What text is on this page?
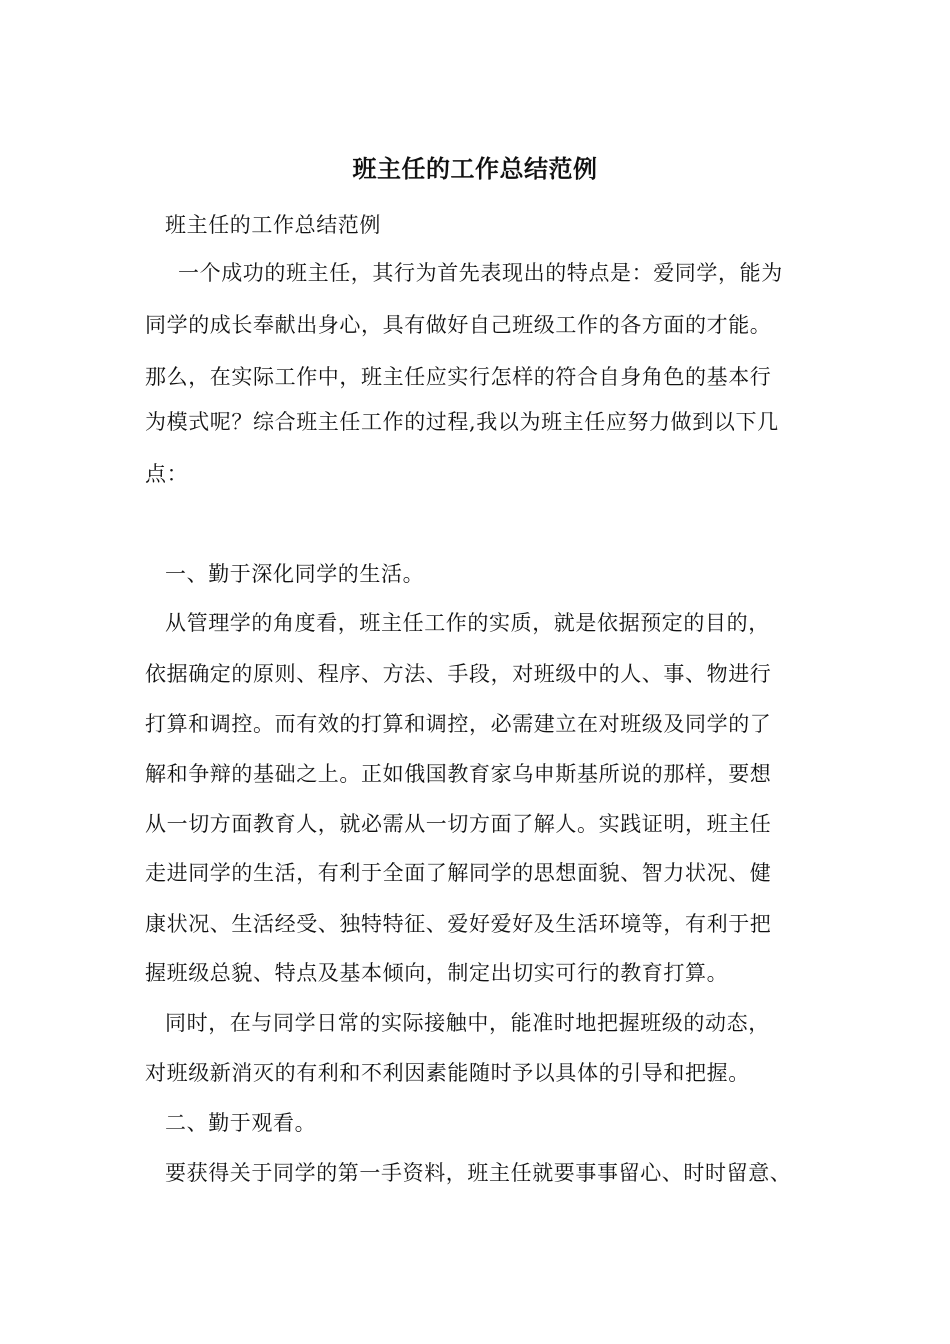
班主任的工作总结范例
班主任的工作总结范例
一个成功的班主任，其行为首先表现出的特点是：爱同学，能为
同学的成长奉献出身心，具有做好自己班级工作的各方面的才能。
那么，在实际工作中，班主任应实行怎样的符合自身角色的基本行
为模式呢？综合班主任工作的过程,我以为班主任应努力做到以下几
点：
一、勤于深化同学的生活。
从管理学的角度看，班主任工作的实质，就是依据预定的目的，
依据确定的原则、程序、方法、手段，对班级中的人、事、物进行
打算和调控。而有效的打算和调控，必需建立在对班级及同学的了
解和争辩的基础之上。正如俄国教育家乌申斯基所说的那样，要想
从一切方面教育人，就必需从一切方面了解人。实践证明，班主任
走进同学的生活，有利于全面了解同学的思想面貌、智力状况、健
康状况、生活经受、独特特征、爱好爱好及生活环境等，有利于把
握班级总貌、特点及基本倾向，制定出切实可行的教育打算。
同时，在与同学日常的实际接触中，能准时地把握班级的动态，
对班级新消灭的有利和不利因素能随时予以具体的引导和把握。
二、勤于观看。
要获得关于同学的第一手资料，班主任就要事事留心、时时留意、
